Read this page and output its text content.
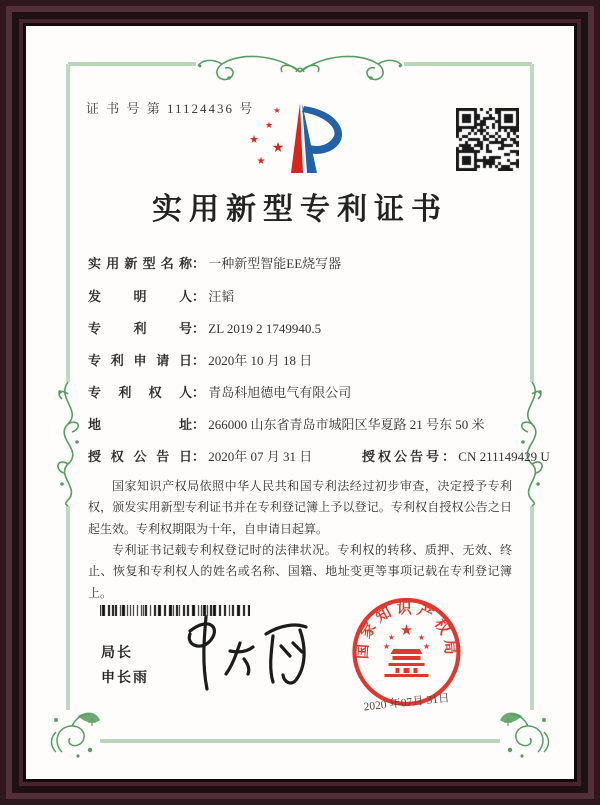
证 书 号 第 11124436 号 ★
★
★
★
★
实用新型专利证书
实用新型名称： 一种新型智能EE烧写器
发明人： 汪韬
专利号： ZL 2019 2 1749940.5
专利申请日： 2020年 10 月 18 日
专利权人： 青岛科旭德电气有限公司
地址： 266000 山东省青岛市城阳区华夏路 21 号东 50 米
授权公告日： 2020年 07 月 31 日	授权公告号： CN 211149429 U

国家知识产权局依照中华人民共和国专利法经过初步审查，决定授予专利权，颁发实用新型专利证书并在专利登记簿上予以登记。专利权自授权公告之日起生效。专利权期限为十年，自申请日起算。

专利证书记载专利权登记时的法律状况。专利权的转移、质押、无效、终止、恢复和专利权人的姓名或名称、国籍、地址变更等事项记载在专利登记簿上。

局长
申长雨
国家知识产权局
★
★	★
★	★
2020 年07月 31日
